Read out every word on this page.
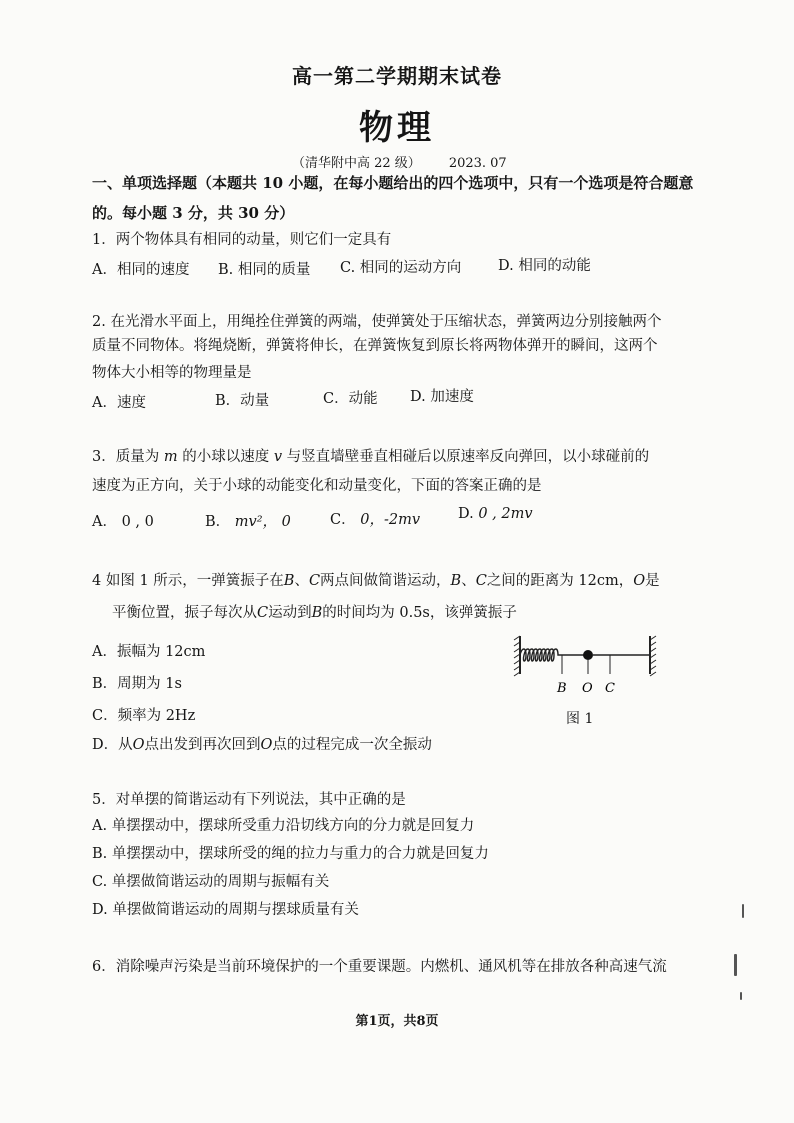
高一第二学期期末试卷
物理
（清华附中高 22 级） 2023. 07
一、单项选择题（本题共 10 小题，在每小题给出的四个选项中，只有一个选项是符合题意的。每小题 3 分，共 30 分）
1．两个物体具有相同的动量，则它们一定具有
A．相同的速度 B. 相同的质量 C. 相同的运动方向	D. 相同的动能
2. 在光滑水平面上，用绳拴住弹簧的两端，使弹簧处于压缩状态，弹簧两边分别接触两个
质量不同物体。将绳烧断，弹簧将伸长，在弹簧恢复到原长将两物体弹开的瞬间，这两个
物体大小相等的物理量是
A．速度	B．动量	C．动能 D. 加速度
3．质量为 m 的小球以速度 v 与竖直墙壁垂直相碰后以原速率反向弹回，以小球碰前的
速度为正方向，关于小球的动能变化和动量变化，下面的答案正确的是
A． 0 , 0	B． mv²， 0	C． 0，-2mv	D. 0 , 2mv
4 如图 1 所示，一弹簧振子在B、C两点间做简谐运动，B、C之间的距离为 12cm，O是
平衡位置，振子每次从C运动到B的时间均为 0.5s，该弹簧振子
A．振幅为 12cm
B．周期为 1s
C．频率为 2Hz
D．从O点出发到再次回到O点的过程完成一次全振动
B O C
图 1
5．对单摆的简谐运动有下列说法，其中正确的是
A. 单摆摆动中，摆球所受重力沿切线方向的分力就是回复力
B. 单摆摆动中，摆球所受的绳的拉力与重力的合力就是回复力
C. 单摆做简谐运动的周期与振幅有关
D. 单摆做简谐运动的周期与摆球质量有关
6．消除噪声污染是当前环境保护的一个重要课题。内燃机、通风机等在排放各种高速气流
第1页，共8页
